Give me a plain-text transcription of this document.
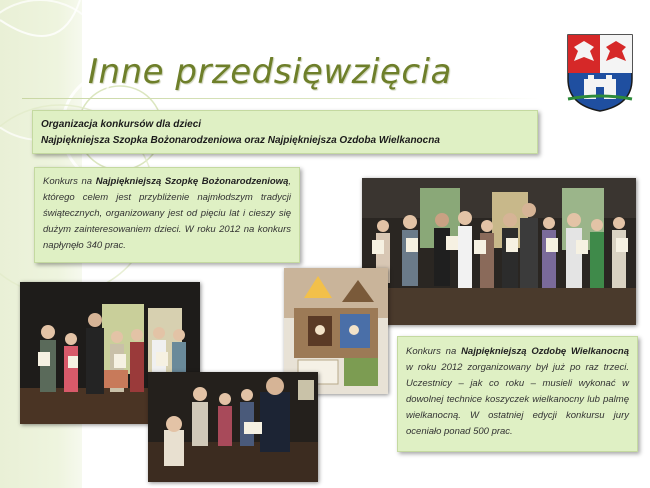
Inne przedsięwzięcia
Organizacja konkursów dla dzieci
Najpiękniejsza Szopka Bożonarodzeniowa oraz Najpiękniejsza Ozdoba Wielkanocna
Konkurs na Najpiękniejszą Szopkę Bożonarodzeniową, którego celem jest przybliżenie najmłodszym tradycji świątecznych, organizowany jest od pięciu lat i cieszy się dużym zainteresowaniem dzieci. W roku 2012 na konkurs napłynęło 340 prac.
Konkurs na Najpiękniejszą Ozdobę Wielkanocną w roku 2012 zorganizowany był już po raz trzeci. Uczestnicy – jak co roku – musieli wykonać w dowolnej technice koszyczek wielkanocny lub palmę wielkanocną. W ostatniej edycji konkursu jury oceniało ponad 500 prac.
